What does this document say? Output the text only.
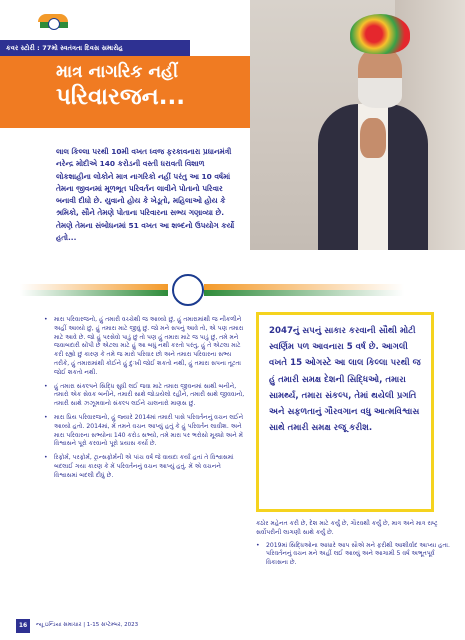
કવર સ્ટોરી : 77મો સ્વતંત્રતા દિવસ સમારોહ
માત્ર નાગરિક નહીં
પરિવારજન...
લાલ કિલ્લા પરથી 10મી વખત ધ્વજ ફરકાવનારા પ્રધાનમંત્રી નરેન્દ્ર મોદીએ 140 કરોડની વસ્તી ધરાવતી વિશાળ લોકશાહીના લોકોને માત્ર નાગરિકો નહીં પરંતુ આ 10 વર્ષમાં તેમના જીવનમાં મૂળભૂત પરિવર્તન લાવીને પોતાનો પરિવાર બનાવી દીધો છે. યુવાનો હોય કે ખેડૂતો, મહિલાઓ હોય કે શ્રમિકો, સૌને તેમણે પોતાના પરિવારના સભ્ય ગણાવ્યા છે. તેમણે તેમના સંબોધનમાં 51 વખત આ શબ્દનો ઉપયોગ કર્યો હતો...
• મારા પરિવારજનો, હું તમારી વચ્ચેથી જ આવ્યો છું, હું તમારામાંથી જ નીકળીને અહીં આવ્યો છું, હું તમારા માટે જીવું છું. જો મને સપનું આવે તો, એ પણ તમારા માટે આવે છે. જો હું પરસેવો પાડું છું તો પણ હું તમારા માટે જ પાડું છું, તમે મને જવાબદારી સોંપી છે એટલા માટે હું આ બધું નથી કરતો પરંતુ, હું તે એટલા માટે કરી રહ્યો છું કારણ કે તમે જ મારો પરિવાર છો અને તમારા પરિવારના સભ્ય તરીકે, હું તમારામાંથી કોઈને હું દુઃખી જોઈ શકતો નથી, હું તમારા સપના તૂટતા જોઈ શકતો નથી.
• હું તમારા સંકલ્પને સિદ્ધિ સુધી લઈ જવા માટે તમારા જીવનમાં સાથી બનીને, તમારો એક સેવક બનીને, તમારી સાથે જોડાયેલો રહીને, તમારી સાથે જીવવાનો, તમારી સાથે ઝઝૂમવાનો સંકલ્પ લઈને ચાલનારો માણસ છું.
• મારા પ્રિય પરિવારજનો, હું જ્યારે 2014માં તમારી પાસે પરિવર્તનનું વચન લઈને આવ્યો હતો. 2014માં, મેં તમને વચન આપ્યું હતું કે હું પરિવર્તન લાવીશ. અને મારા પરિવારના સભ્યોના 140 કરોડ સભ્યો, તમે મારા પર ભરોસો મૂક્યો અને મેં વિશ્વાસને પૂરો કરવાનો પૂરો પ્રયાસ કર્યો છે.
• રિફોર્મ, પરફોર્મ, ટ્રાન્સફોર્મની એ પાંચ વર્ષ જે વાયદા કર્યાં હતાં તે વિશ્વાસમાં બદલાઈ ગયા કારણ કે મેં પરિવર્તનનું વચન આપ્યું હતું. મેં એ વચનને વિશ્વાસમાં બદલી દીધું છે.
2047નું સપનું સાકાર કરવાની સૌથી મોટી સ્વર્ણિમ પળ આવનારા 5 વર્ષ છે. આગલી વખતે 15 ઓગસ્ટે આ લાલ કિલ્લા પરથી જ હું તમારી સમક્ષ દેશની સિદ્ધિઓ, તમારા સામર્થ્ય, તમારા સંકલ્પ, તેમાં થયેલી પ્રગતિ અને સફળતાનું ગૌરવગાન વધુ આત્મવિશ્વાસ સાથે તમારી સમક્ષ રજૂ કરીશ.

કઠોર મહેનત કરી છે, દેશ માટે કર્યું છે, ગૌરવથી કર્યું છે, માત્ર અને માત્ર રાષ્ટ્ર સર્વોપરીની લાગણી સાથે કર્યું છે.

• 2019માં સિદ્ધિઓના આધારે આપ સૌએ મને ફરીથી આશીર્વાદ આપ્યા હતા. પરિવર્તનનું વચન મને અહીં લઈ આવ્યું અને આગામી 5 વર્ષ અભૂતપૂર્વ વિકાસના છે.

16	ન્યૂ ઇન્ડિયા સમાચાર | 1-15 સપ્ટેમ્બર, 2023
